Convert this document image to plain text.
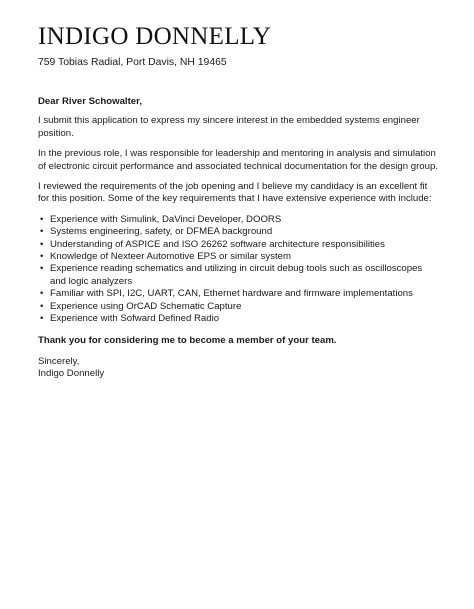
INDIGO DONNELLY
759 Tobias Radial, Port Davis, NH 19465

Dear River Schowalter,

I submit this application to express my sincere interest in the embedded systems engineer position.

In the previous role, I was responsible for leadership and mentoring in analysis and simulation of electronic circuit performance and associated technical documentation for the design group.

I reviewed the requirements of the job opening and I believe my candidacy is an excellent fit for this position. Some of the key requirements that I have extensive experience with include:

• Experience with Simulink, DaVinci Developer, DOORS
• Systems engineering, safety, or DFMEA background
• Understanding of ASPICE and ISO 26262 software architecture responsibilities
• Knowledge of Nexteer Automotive EPS or similar system
• Experience reading schematics and utilizing in circuit debug tools such as oscilloscopes and logic analyzers
• Familiar with SPI, I2C, UART, CAN, Ethernet hardware and firmware implementations
• Experience using OrCAD Schematic Capture
• Experience with Sofward Defined Radio

Thank you for considering me to become a member of your team.

Sincerely,

Indigo Donnelly
